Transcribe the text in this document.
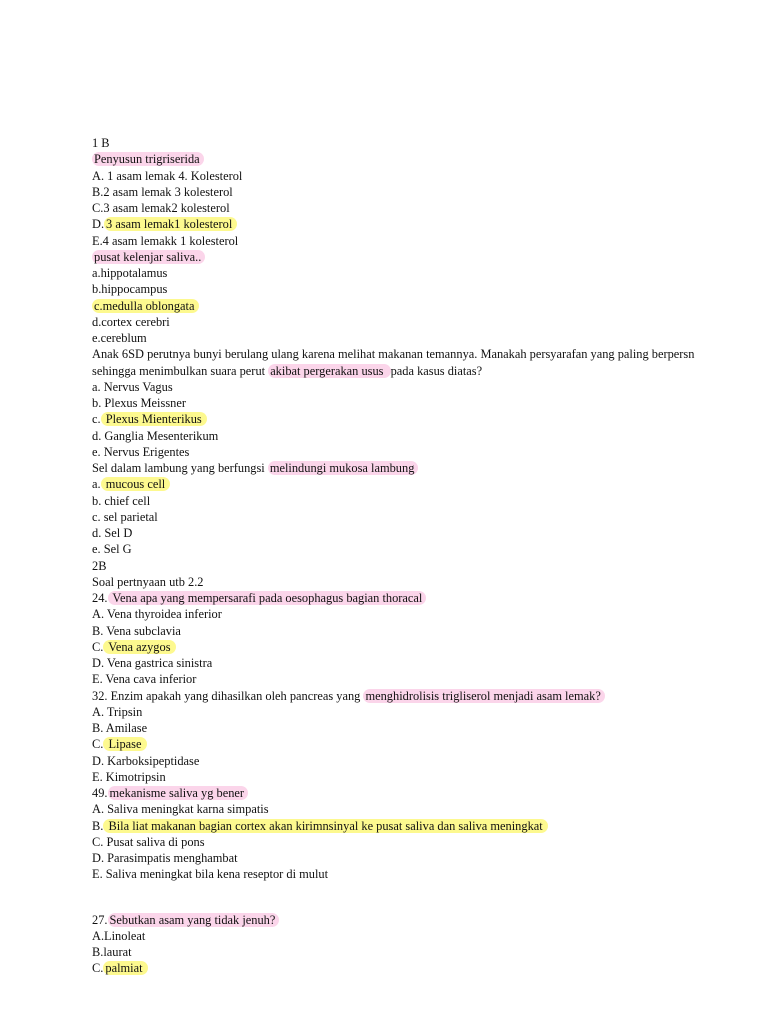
1 B
Penyusun trigriserida
A. 1 asam lemak 4. Kolesterol
B.2 asam lemak 3 kolesterol
C.3 asam lemak2 kolesterol
D. 3 asam lemak1 kolesterol
E.4 asam lemakk 1 kolesterol
pusat kelenjar saliva..
a.hippotalamus
b.hippocampus
c.medulla oblongata
d.cortex cerebri
e.cereblum
Anak 6SD perutnya bunyi berulang ulang karena melihat makanan temannya. Manakah persyarafan yang paling berpersn sehingga menimbulkan suara perut akibat pergerakan usus pada kasus diatas?
a. Nervus Vagus
b. Plexus Meissner
c. Plexus Mienterikus
d. Ganglia Mesenterikum
e. Nervus Erigentes
Sel dalam lambung yang berfungsi melindungi mukosa lambung
a. mucous cell
b. chief cell
c. sel parietal
d. Sel D
e. Sel G
2B
Soal pertnyaan utb 2.2
24. Vena apa yang mempersarafi pada oesophagus bagian thoracal
A. Vena thyroidea inferior
B. Vena subclavia
C. Vena azygos
D. Vena gastrica sinistra
E. Vena cava inferior
32. Enzim apakah yang dihasilkan oleh pancreas yang menghidrolisis trigliserol menjadi asam lemak?
A. Tripsin
B. Amilase
C. Lipase
D. Karboksipeptidase
E. Kimotripsin
49. mekanisme saliva yg bener
A. Saliva meningkat karna simpatis
B. Bila liat makanan bagian cortex akan kirimnsinyal ke pusat saliva dan saliva meningkat
C. Pusat saliva di pons
D. Parasimpatis menghambat
E. Saliva meningkat bila kena reseptor di mulut
27. Sebutkan asam yang tidak jenuh?
A.Linoleat
B.laurat
C. palmiat
